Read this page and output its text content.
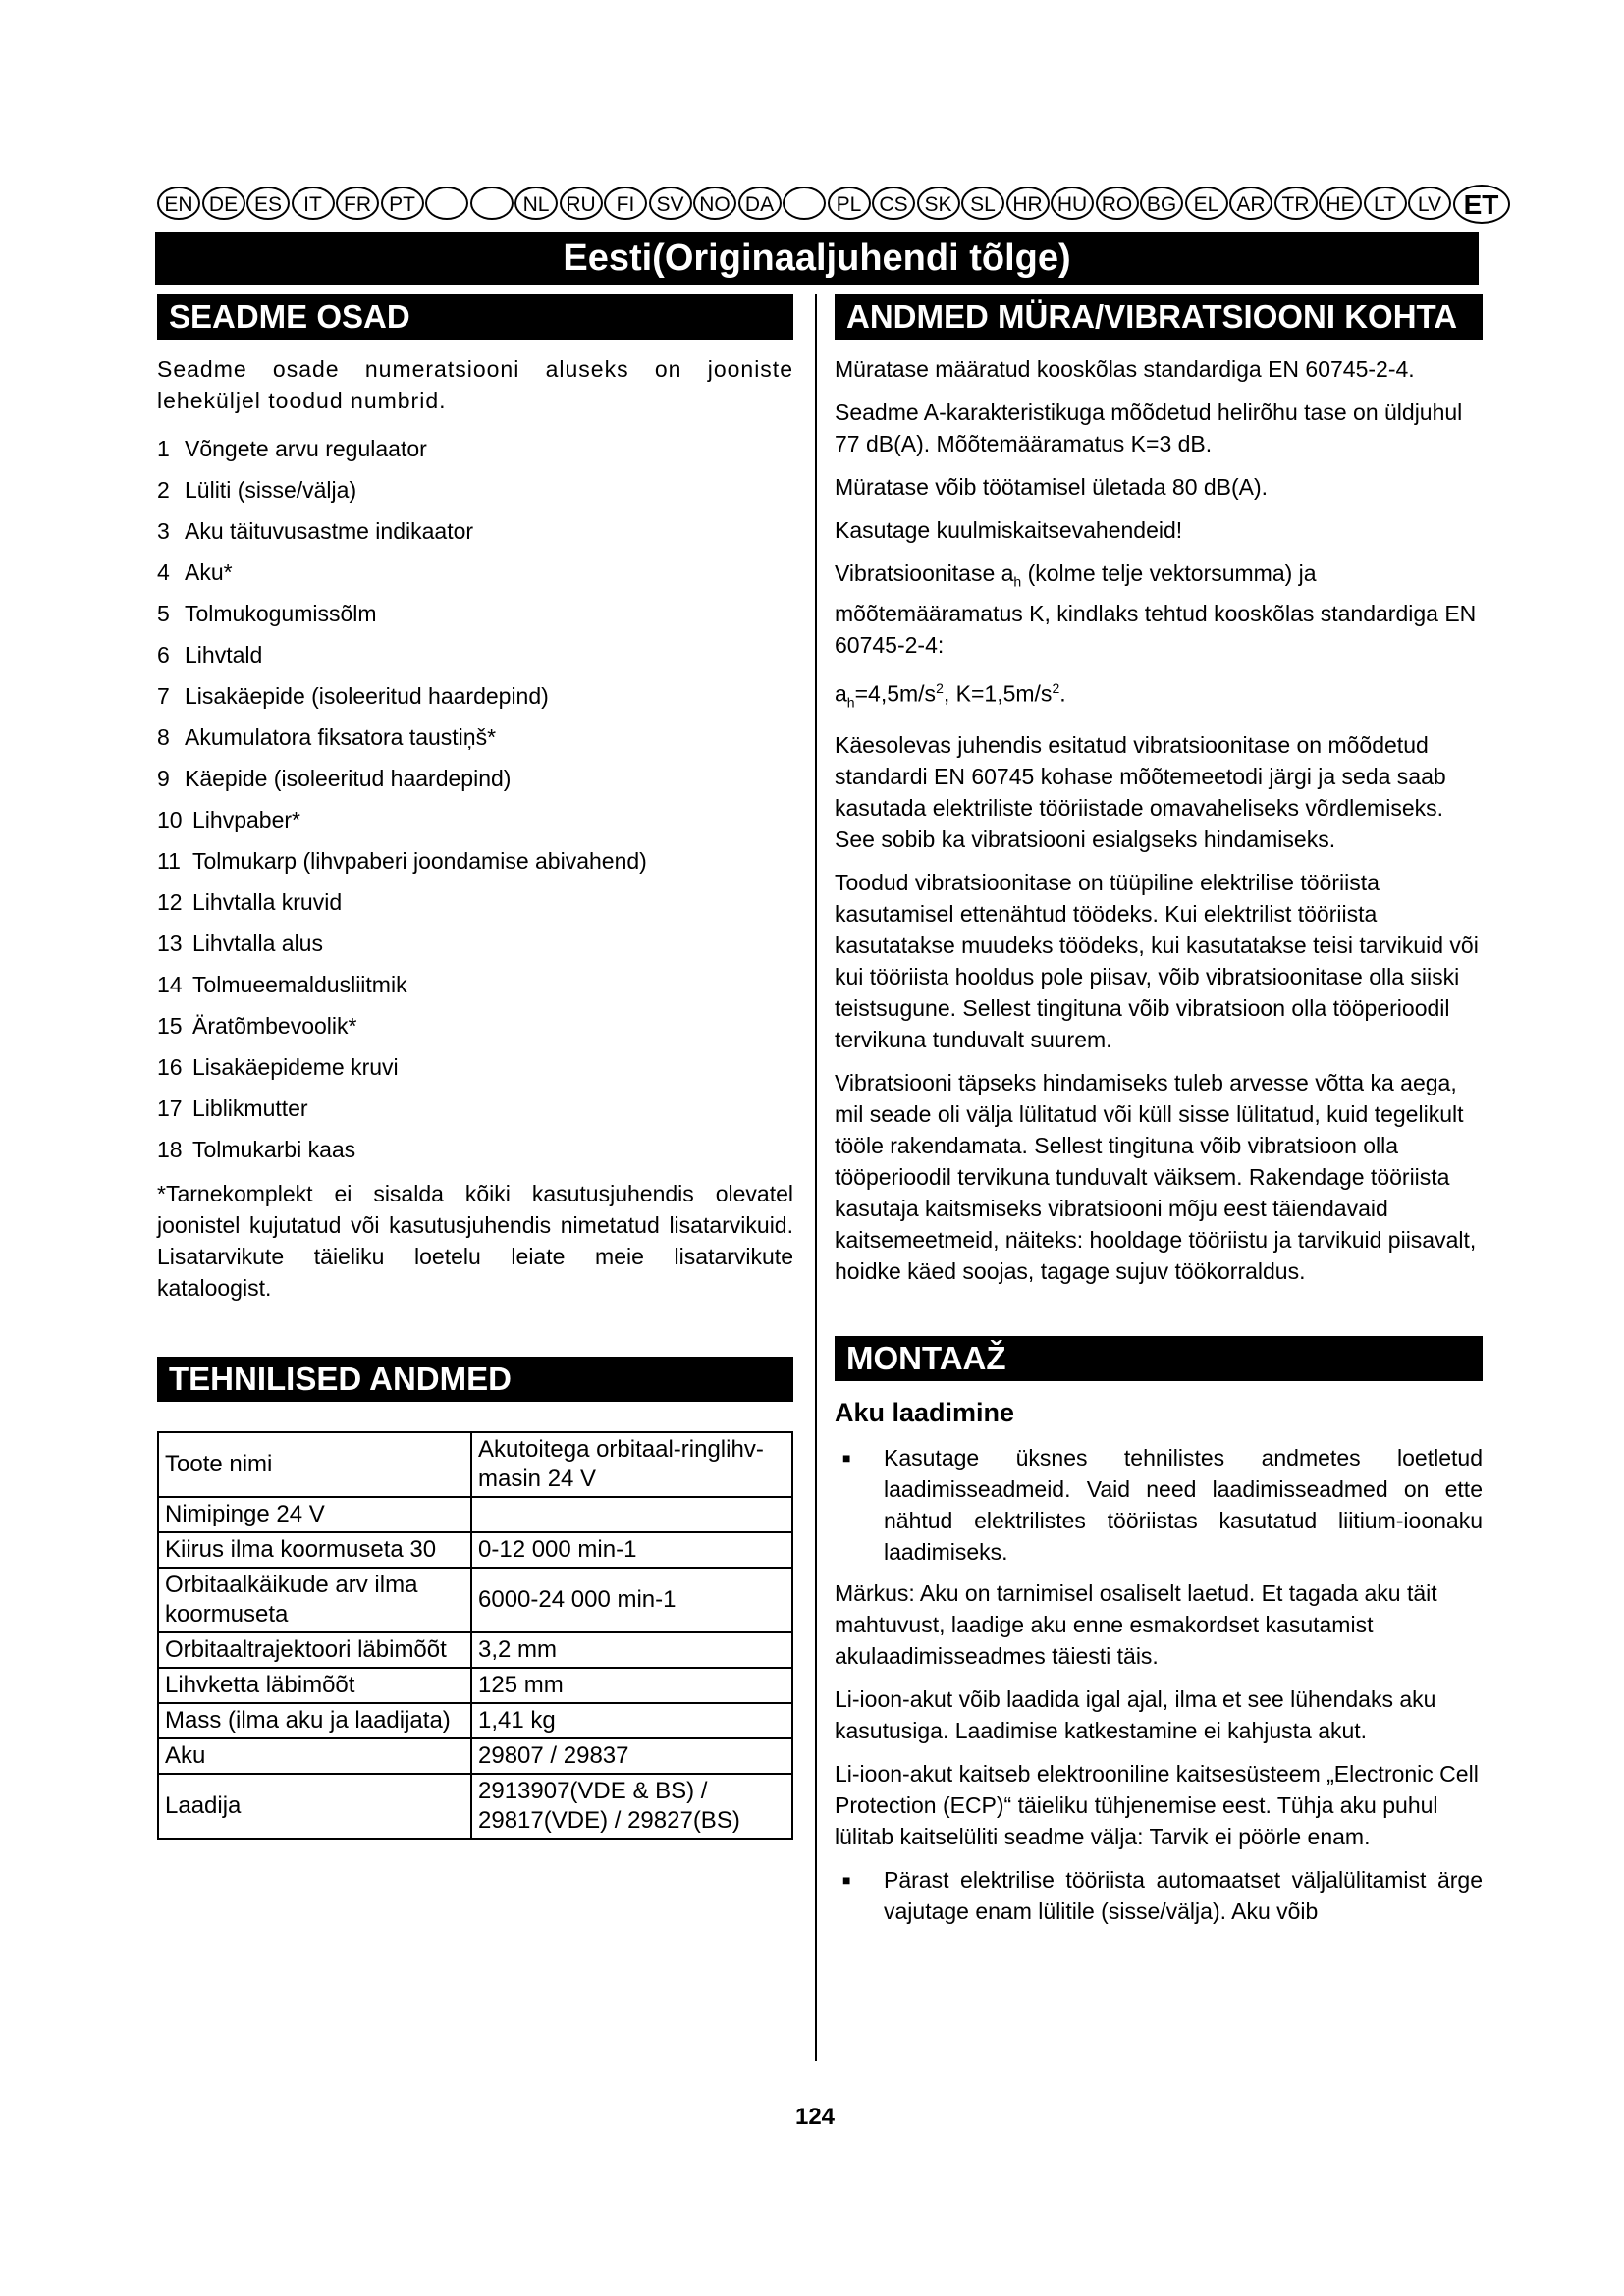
EN DE ES	IT	FR PT	NL RU FI	SV NO DA	PL CS SK SL HR HU RO BG EL AR TR HE LT	LV ET
Eesti(Originaaljuhendi tõlge)
SEADME OSAD

Seadme osade numeratsiooni aluseks on jooniste leheküljel toodud numbrid.

1 Võngete arvu regulaator
2 Lüliti (sisse/välja)
3 Aku täituvusastme indikaator
4 Aku*
5 Tolmukogumissõlm
6 Lihvtald
7 Lisakäepide (isoleeritud haardepind)
8 Akumulatora fiksatora taustiņš*
9 Käepide (isoleeritud haardepind)
10 Lihvpaber*
11 Tolmukarp (lihvpaberi joondamise abivahend)
12 Lihvtalla kruvid
13 Lihvtalla alus
14 Tolmueemaldusliitmik
15 Äratõmbevoolik*
16 Lisakäepideme kruvi
17 Liblikmutter
18 Tolmukarbi kaas

*Tarnekomplekt ei sisalda kõiki kasutusjuhendis olevatel joonistel kujutatud või kasutusjuhendis nimetatud lisatarvikuid. Lisatarvikute täieliku loetelu leiate meie lisatarvikute kataloogist.

TEHNILISED ANDMED
Toote nimi	Akutoitega orbitaal-ringlihv-masin 24 V
Nimipinge 24 V	
Kiirus ilma koormuseta 30	0-12 000 min-1
Orbitaalkäikude arv ilma koormuseta	6000-24 000 min-1
Orbitaaltrajektoori läbimõõt	3,2 mm
Lihvketta läbimõõt	125 mm
Mass (ilma aku ja laadijata)	1,41 kg
Aku	29807 / 29837
Laadija	2913907(VDE & BS) / 29817(VDE) / 29827(BS)
ANDMED MÜRA/VIBRATSIOONI KOHTA

Müratase määratud kooskõlas standardiga EN 60745-2-4.

Seadme A-karakteristikuga mõõdetud helirõhu tase on üldjuhul 77 dB(A). Mõõtemääramatus K=3 dB.

Müratase võib töötamisel ületada 80 dB(A).

Kasutage kuulmiskaitsevahendeid!

Vibratsioonitase $a_h$ (kolme telje vektorsumma) ja mõõtemääramatus K, kindlaks tehtud kooskõlas standardiga EN 60745-2-4:

$a_h=4,5m/s^2$, $K=1,5m/s^2$.

Käesolevas juhendis esitatud vibratsioonitase on mõõdetud standardi EN 60745 kohase mõõtemeetodi järgi ja seda saab kasutada elektriliste tööriistade omavaheliseks võrdlemiseks. See sobib ka vibratsiooni esialgseks hindamiseks.

Toodud vibratsioonitase on tüüpiline elektrilise tööriista kasutamisel ettenähtud töödeks. Kui elektrilist tööriista kasutatakse muudeks töödeks, kui kasutatakse teisi tarvikuid või kui tööriista hooldus pole piisav, võib vibratsioonitase olla siiski teistsugune. Sellest tingituna võib vibratsioon olla tööperioodil tervikuna tunduvalt suurem.

Vibratsiooni täpseks hindamiseks tuleb arvesse võtta ka aega, mil seade oli välja lülitatud või küll sisse lülitatud, kuid tegelikult tööle rakendamata. Sellest tingituna võib vibratsioon olla tööperioodil tervikuna tunduvalt väiksem. Rakendage tööriista kasutaja kaitsmiseks vibratsiooni mõju eest täiendavaid kaitsemeetmeid, näiteks: hooldage tööriistu ja tarvikuid piisavalt, hoidke käed soojas, tagage sujuv töökorraldus.

MONTAAŽ
Aku laadimine
■	Kasutage üksnes tehnilistes andmetes loetletud laadimisseadmeid. Vaid need laadimisseadmed on ette nähtud elektrilistes tööriistas kasutatud liitium-ioonaku laadimiseks.

Märkus: Aku on tarnimisel osaliselt laetud. Et tagada aku täit mahtuvust, laadige aku enne esmakordset kasutamist akulaadimisseadmes täiesti täis.

Li-ioon-akut võib laadida igal ajal, ilma et see lühendaks aku kasutusiga. Laadimise katkestamine ei kahjusta akut.

Li-ioon-akut kaitseb elektrooniline kaitsesüsteem „Electronic Cell Protection (ECP)“ täieliku tühjenemise eest. Tühja aku puhul lülitab kaitselüliti seadme välja: Tarvik ei pöörle enam.

■	Pärast elektrilise tööriista automaatset väljalülitamist ärge vajutage enam lülitile (sisse/välja). Aku võib
124
